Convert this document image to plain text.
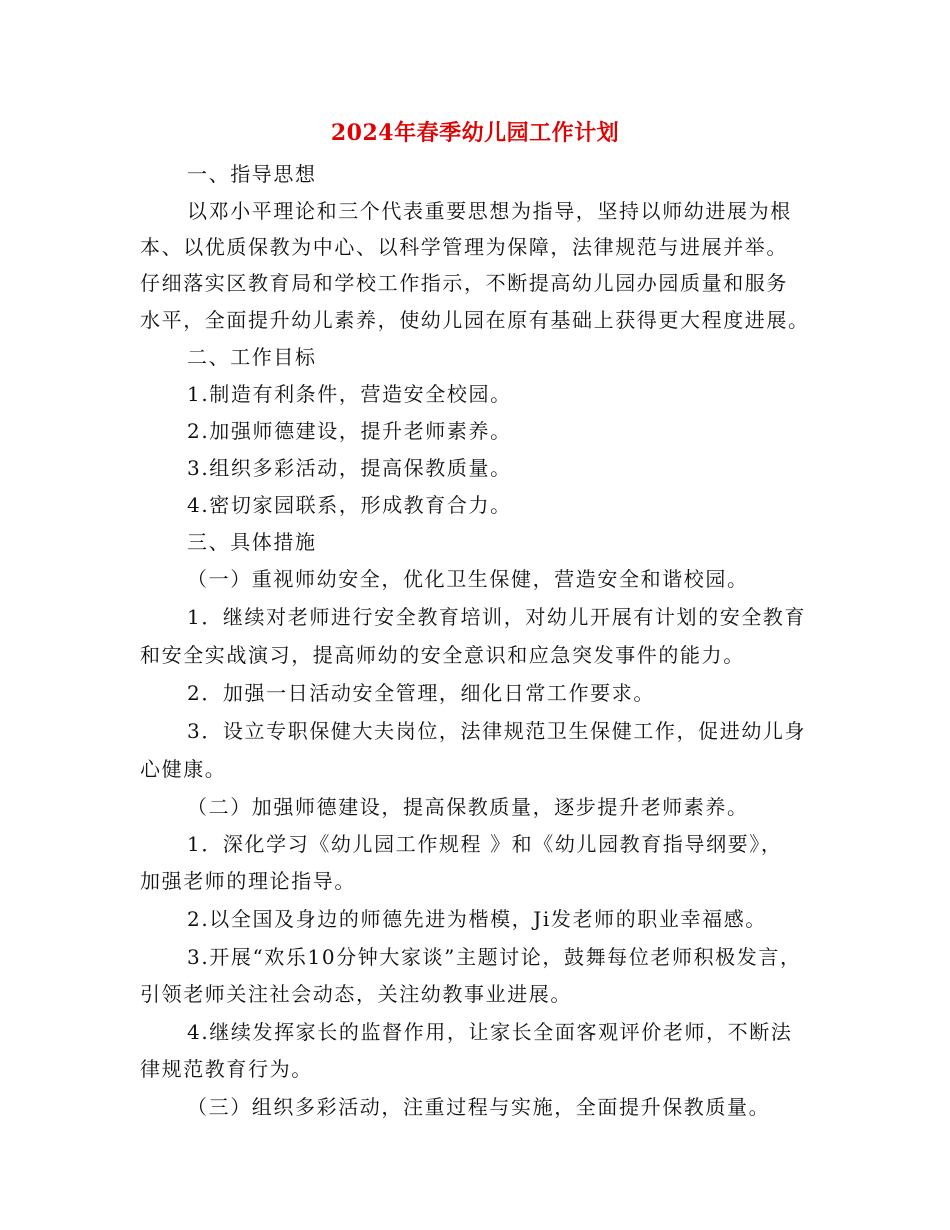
2024年春季幼儿园工作计划
一、指导思想
以邓小平理论和三个代表重要思想为指导，坚持以师幼进展为根
本、以优质保教为中心、以科学管理为保障，法律规范与进展并举。
仔细落实区教育局和学校工作指示，不断提高幼儿园办园质量和服务
水平，全面提升幼儿素养，使幼儿园在原有基础上获得更大程度进展。
二、工作目标
1.制造有利条件，营造安全校园。
2.加强师德建设，提升老师素养。
3.组织多彩活动，提高保教质量。
4.密切家园联系，形成教育合力。
三、具体措施
（一）重视师幼安全，优化卫生保健，营造安全和谐校园。
1．继续对老师进行安全教育培训，对幼儿开展有计划的安全教育
和安全实战演习，提高师幼的安全意识和应急突发事件的能力。
2．加强一日活动安全管理，细化日常工作要求。
3．设立专职保健大夫岗位，法律规范卫生保健工作，促进幼儿身
心健康。
（二）加强师德建设，提高保教质量，逐步提升老师素养。
1．深化学习《幼儿园工作规程 》和《幼儿园教育指导纲要》，
加强老师的理论指导。
2.以全国及身边的师德先进为楷模，Ji发老师的职业幸福感。
3.开展“欢乐10分钟大家谈”主题讨论，鼓舞每位老师积极发言，
引领老师关注社会动态，关注幼教事业进展。
4.继续发挥家长的监督作用，让家长全面客观评价老师，不断法
律规范教育行为。
（三）组织多彩活动，注重过程与实施，全面提升保教质量。
